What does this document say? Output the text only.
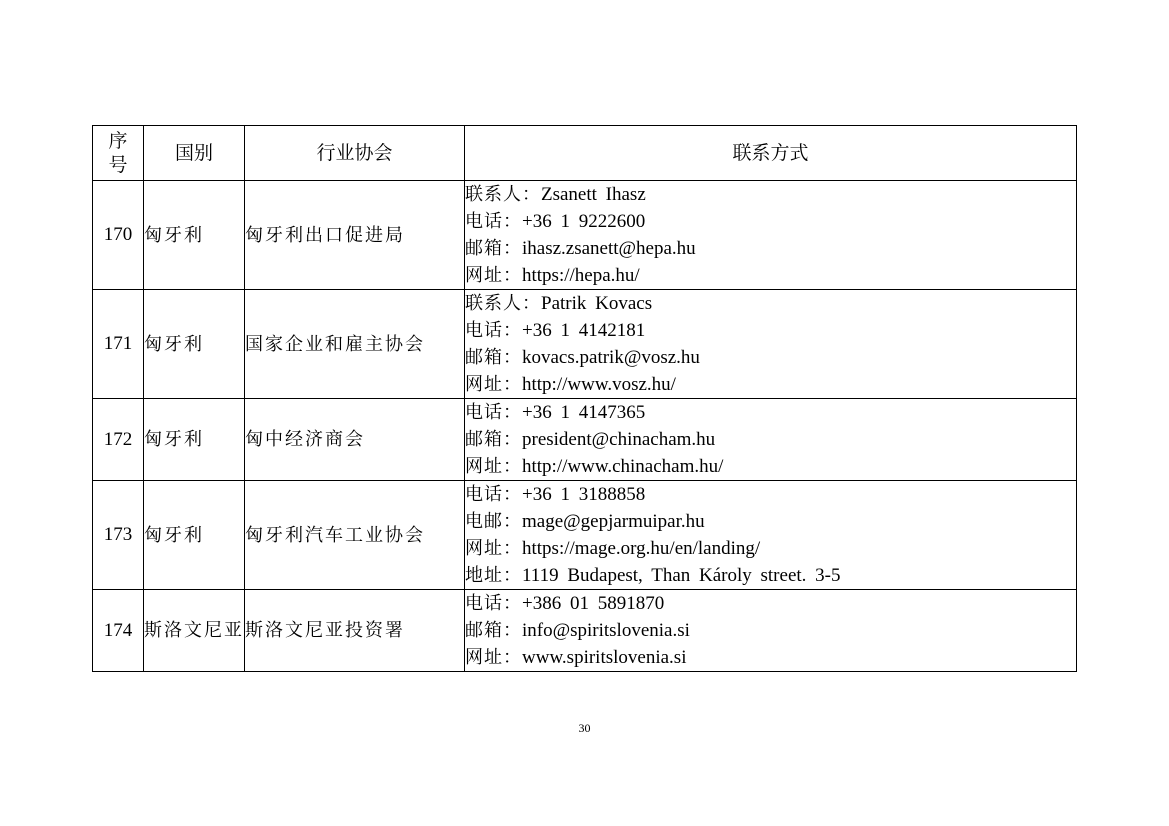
序
号	国别	行业协会	联系方式
170	匈牙利	匈牙利出口促进局	联系人：Zsanett Ihasz
电话：+36 1 9222600
邮箱：ihasz.zsanett@hepa.hu
网址：https://hepa.hu/

171	匈牙利	国家企业和雇主协会	联系人：Patrik Kovacs
电话：+36 1 4142181
邮箱：kovacs.patrik@vosz.hu
网址：http://www.vosz.hu/

172	匈牙利	匈中经济商会	电话：+36 1 4147365
邮箱：president@chinacham.hu
网址：http://www.chinacham.hu/

173	匈牙利	匈牙利汽车工业协会	电话：+36 1 3188858
电邮：mage@gepjarmuipar.hu
网址：https://mage.org.hu/en/landing/
地址：1119 Budapest, Than Károly street. 3-5

174	斯洛文尼亚	斯洛文尼亚投资署	电话：+386 01 5891870
邮箱：info@spiritslovenia.si
网址：www.spiritslovenia.si
30
